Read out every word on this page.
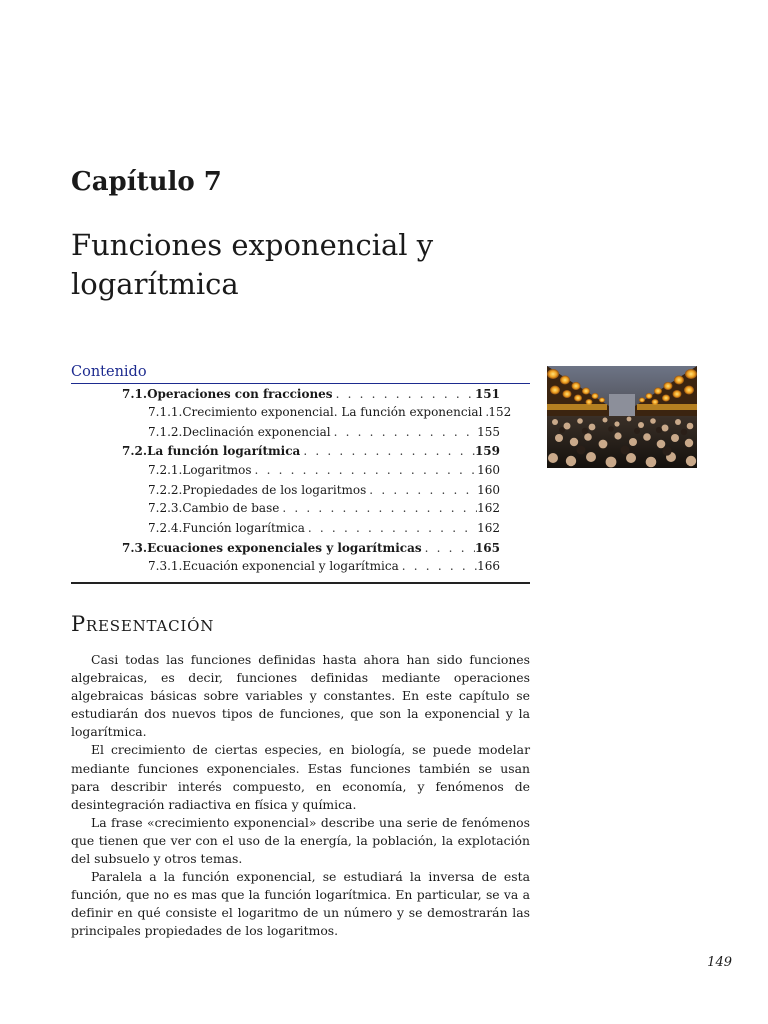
Capítulo 7
Funciones exponencial y logarítmica
Contenido
7.1. Operaciones con fracciones . . .	151
7.1.1. Crecimiento exponencial. La función exponencial . . . 152
7.1.2. Declinación exponencial . . .	155
7.2. La función logarítmica . . .	159
7.2.1. Logaritmos . . .	160
7.2.2. Propiedades de los logaritmos . . .	160
7.2.3. Cambio de base . . .	162
7.2.4. Función logarítmica . . .	162
7.3. Ecuaciones exponenciales y logarítmicas . . .	165
7.3.1. Ecuación exponencial y logarítmica . . .	166
Presentación

Casi todas las funciones definidas hasta ahora han sido funciones algebraicas, es decir, funciones definidas mediante operaciones algebraicas básicas sobre variables y constantes. En este capítulo se estudiarán dos nuevos tipos de funciones, que son la exponencial y la logarítmica.

El crecimiento de ciertas especies, en biología, se puede modelar mediante funciones exponenciales. Estas funciones también se usan para describir interés compuesto, en economía, y fenómenos de desintegración radiactiva en física y química.

La frase «crecimiento exponencial» describe una serie de fenómenos que tienen que ver con el uso de la energía, la población, la explotación del subsuelo y otros temas.

Paralela a la función exponencial, se estudiará la inversa de esta función, que no es mas que la función logarítmica. En particular, se va a definir en qué consiste el logaritmo de un número y se demostrarán las principales propiedades de los logaritmos.

149
